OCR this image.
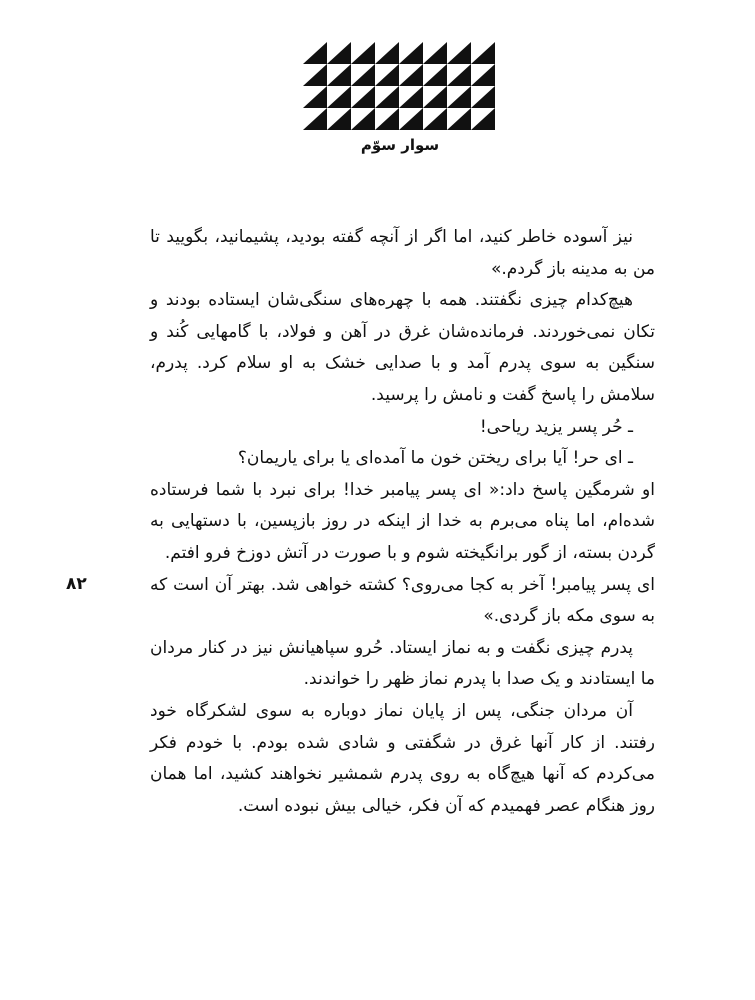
سوار سوّم

نیز آسوده خاطر کنید، اما اگر از آنچه گفته بودید، پشیمانید، بگویید تا من به مدینه باز گردم.»

هیچ‌کدام چیزی نگفتند. همه با چهره‌های سنگی‌شان ایستاده بودند و تکان نمی‌خوردند. فرمانده‌شان غرق در آهن و فولاد، با گامهایی کُند و سنگین به سوی پدرم آمد و با صدایی خشک به او سلام کرد. پدرم، سلامش را پاسخ گفت و نامش را پرسید.

ـ حُر پسر یزید ریاحی!

ـ ای حر! آیا برای ریختن خون ما آمده‌ای یا برای یاریمان؟

او شرمگین پاسخ داد:« ای پسر پیامبر خدا! برای نبرد با شما فرستاده شده‌ام، اما پناه می‌برم به خدا از اینکه در روز بازپسین، با دستهایی به گردن بسته، از گور برانگیخته شوم و با صورت در آتش دوزخ فرو افتم.

ای پسر پیامبر! آخر به کجا می‌روی؟ کشته خواهی شد. بهتر آن است که به سوی مکه باز گردی.»

پدرم چیزی نگفت و به نماز ایستاد. حُرو سپاهیانش نیز در کنار مردان ما ایستادند و یک صدا با پدرم نماز ظهر را خواندند.

آن مردان جنگی، پس از پایان نماز دوباره به سوی لشکرگاه خود رفتند. از کار آنها غرق در شگفتی و شادی شده بودم. با خودم فکر می‌کردم که آنها هیچ‌گاه به روی پدرم شمشیر نخواهند کشید، اما همان روز هنگام عصر فهمیدم که آن فکر، خیالی بیش نبوده است.

۸۲
